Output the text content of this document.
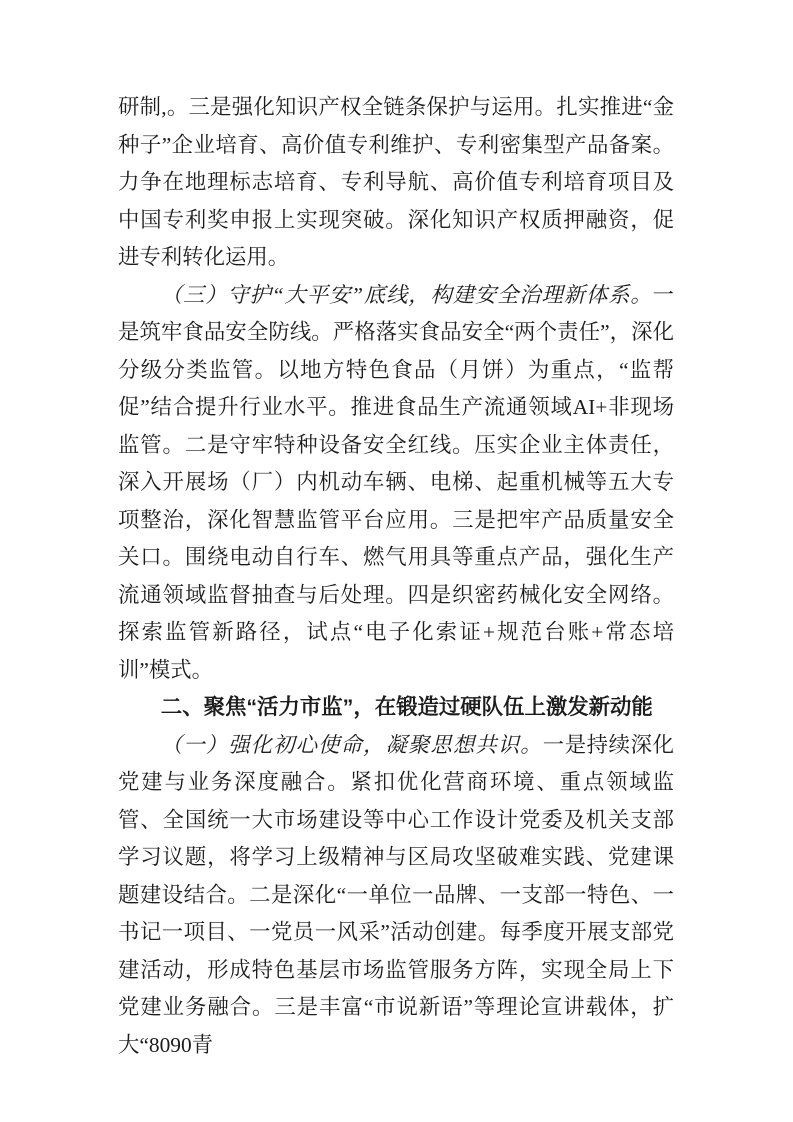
研制,。三是强化知识产权全链条保护与运用。扎实推进“金种子”企业培育、高价值专利维护、专利密集型产品备案。力争在地理标志培育、专利导航、高价值专利培育项目及中国专利奖申报上实现突破。深化知识产权质押融资，促进专利转化运用。

（三）守护“大平安”底线，构建安全治理新体系。一是筑牢食品安全防线。严格落实食品安全“两个责任”，深化分级分类监管。以地方特色食品（月饼）为重点，“监帮促”结合提升行业水平。推进食品生产流通领域AI+非现场监管。二是守牢特种设备安全红线。压实企业主体责任，深入开展场（厂）内机动车辆、电梯、起重机械等五大专项整治，深化智慧监管平台应用。三是把牢产品质量安全关口。围绕电动自行车、燃气用具等重点产品，强化生产流通领域监督抽查与后处理。四是织密药械化安全网络。探索监管新路径，试点“电子化索证+规范台账+常态培训”模式。

二、聚焦“活力市监”，在锻造过硬队伍上激发新动能

（一）强化初心使命，凝聚思想共识。一是持续深化党建与业务深度融合。紧扣优化营商环境、重点领域监管、全国统一大市场建设等中心工作设计党委及机关支部学习议题，将学习上级精神与区局攻坚破难实践、党建课题建设结合。二是深化“一单位一品牌、一支部一特色、一书记一项目、一党员一风采”活动创建。每季度开展支部党建活动，形成特色基层市场监管服务方阵，实现全局上下党建业务融合。三是丰富“市说新语”等理论宣讲载体，扩大“8090青
